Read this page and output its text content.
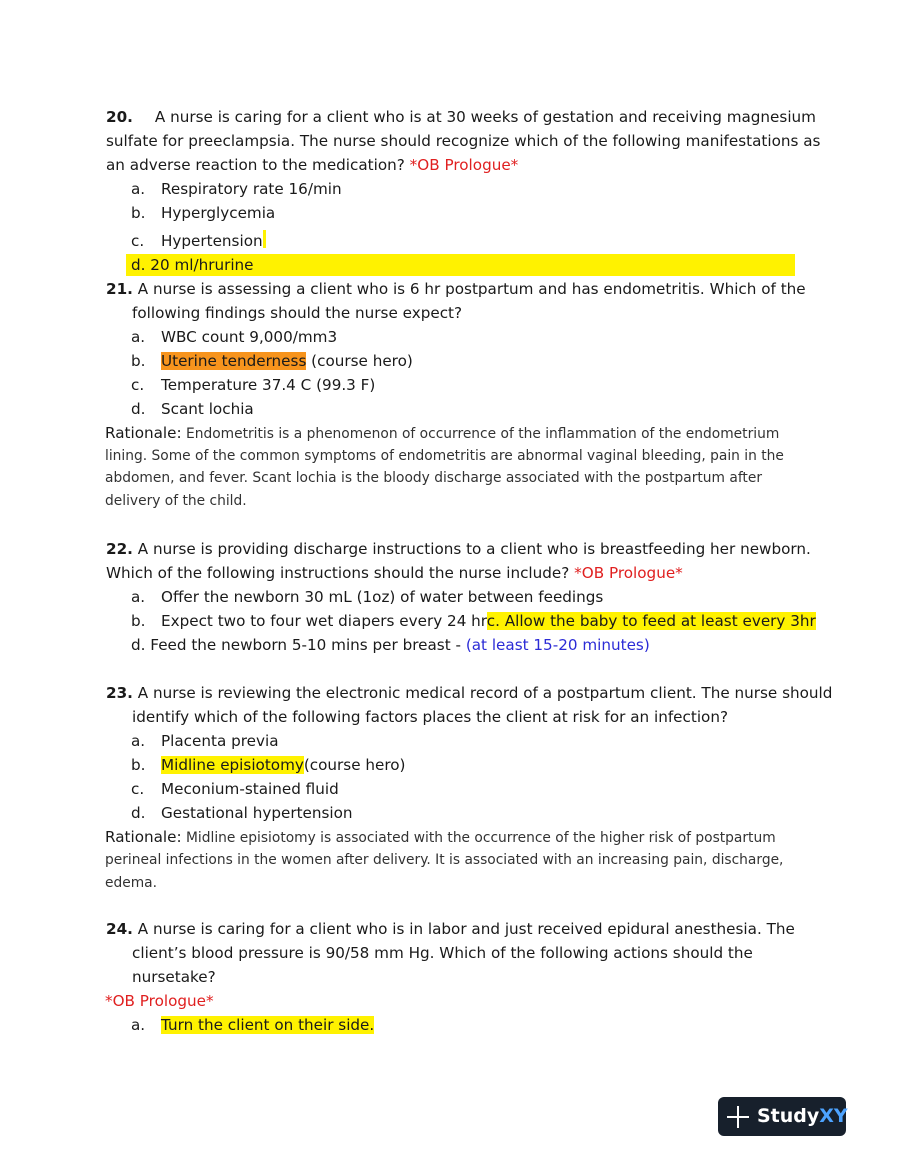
20. A nurse is caring for a client who is at 30 weeks of gestation and receiving magnesium
sulfate for preeclampsia. The nurse should recognize which of the following manifestations as
an adverse reaction to the medication? *OB Prologue*
a. Respiratory rate 16/min
b. Hyperglycemia
c. Hypertension
d. 20 ml/hrurine
21. A nurse is assessing a client who is 6 hr postpartum and has endometritis. Which of the
following findings should the nurse expect?
a. WBC count 9,000/mm3
b. Uterine tenderness (course hero)
c. Temperature 37.4 C (99.3 F)
d. Scant lochia
Rationale: Endometritis is a phenomenon of occurrence of the inflammation of the endometrium
lining. Some of the common symptoms of endometritis are abnormal vaginal bleeding, pain in the
abdomen, and fever. Scant lochia is the bloody discharge associated with the postpartum after
delivery of the child.
22. A nurse is providing discharge instructions to a client who is breastfeeding her newborn.
Which of the following instructions should the nurse include? *OB Prologue*
a. Offer the newborn 30 mL (1oz) of water between feedings
b. Expect two to four wet diapers every 24 hrc. Allow the baby to feed at least every 3hr
d. Feed the newborn 5-10 mins per breast - (at least 15-20 minutes)
23. A nurse is reviewing the electronic medical record of a postpartum client. The nurse should
identify which of the following factors places the client at risk for an infection?
a. Placenta previa
b. Midline episiotomy(course hero)
c. Meconium-stained fluid
d. Gestational hypertension
Rationale: Midline episiotomy is associated with the occurrence of the higher risk of postpartum
perineal infections in the women after delivery. It is associated with an increasing pain, discharge,
edema.
24. A nurse is caring for a client who is in labor and just received epidural anesthesia. The
client’s blood pressure is 90/58 mm Hg. Which of the following actions should the
nursetake?
*OB Prologue*
a. Turn the client on their side.
StudyXY
